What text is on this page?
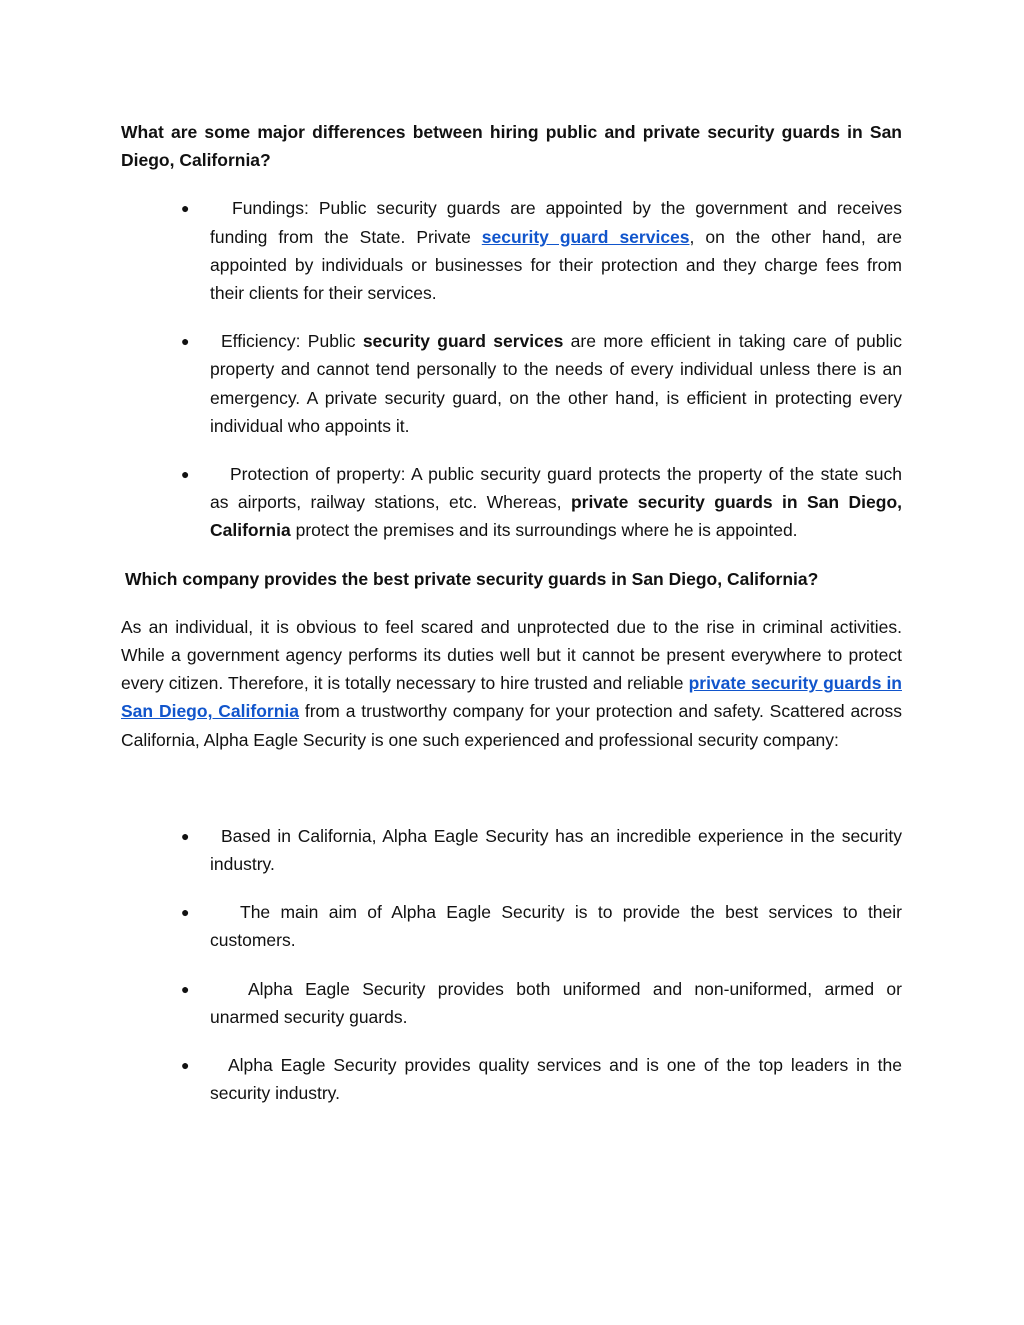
What are some major differences between hiring public and private security guards in San Diego, California?

● Fundings: Public security guards are appointed by the government and receives funding from the State. Private security guard services, on the other hand, are appointed by individuals or businesses for their protection and they charge fees from their clients for their services.
● Efficiency: Public security guard services are more efficient in taking care of public property and cannot tend personally to the needs of every individual unless there is an emergency. A private security guard, on the other hand, is efficient in protecting every individual who appoints it.
● Protection of property: A public security guard protects the property of the state such as airports, railway stations, etc. Whereas, private security guards in San Diego, California protect the premises and its surroundings where he is appointed.

Which company provides the best private security guards in San Diego, California?

As an individual, it is obvious to feel scared and unprotected due to the rise in criminal activities. While a government agency performs its duties well but it cannot be present everywhere to protect every citizen. Therefore, it is totally necessary to hire trusted and reliable private security guards in San Diego, California from a trustworthy company for your protection and safety. Scattered across California, Alpha Eagle Security is one such experienced and professional security company:

● Based in California, Alpha Eagle Security has an incredible experience in the security industry.
●	The main aim of Alpha Eagle Security is to provide the best services to their customers.
●	Alpha Eagle Security provides both uniformed and non-uniformed, armed or unarmed security guards.
● Alpha Eagle Security provides quality services and is one of the top leaders in the security industry.
